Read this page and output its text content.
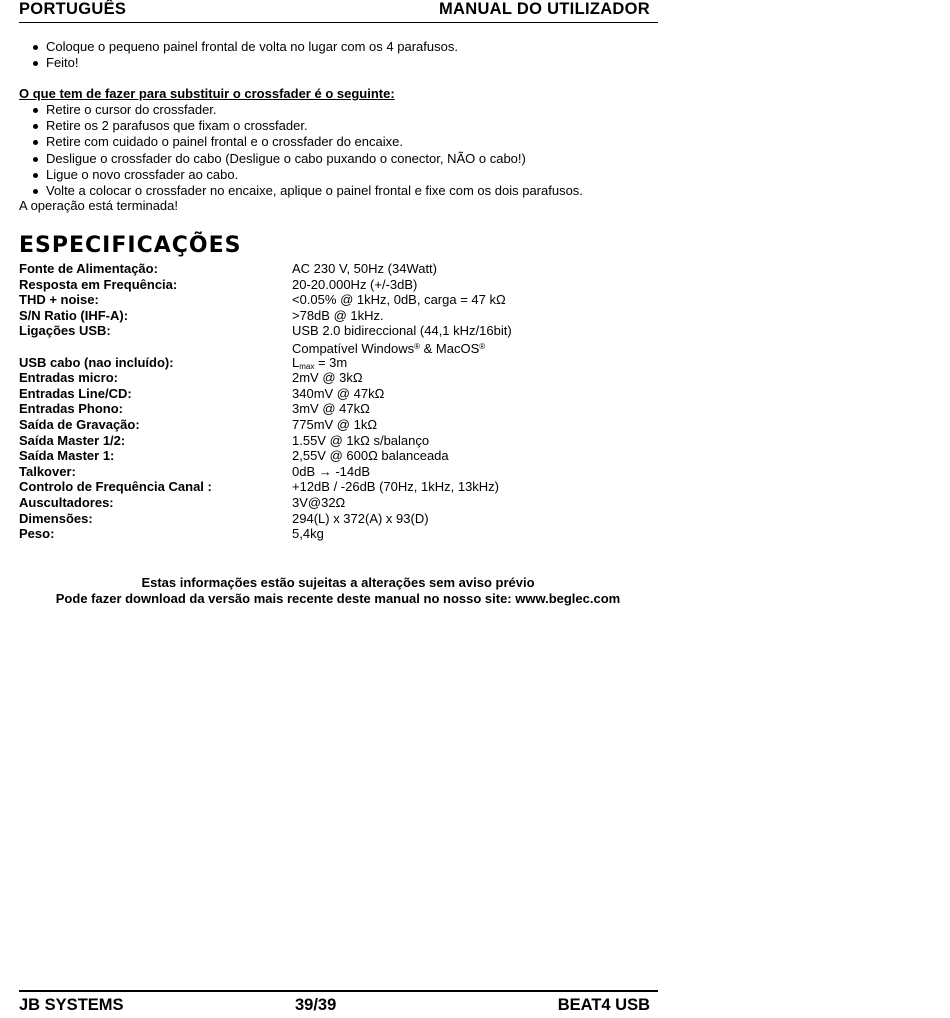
PORTUGUÊS	MANUAL DO UTILIZADOR
Coloque o pequeno painel frontal de volta no lugar com os 4 parafusos.
Feito!
O que tem de fazer para substituir o crossfader é o seguinte:
Retire o cursor do crossfader.
Retire os 2 parafusos que fixam o crossfader.
Retire com cuidado o painel frontal e o crossfader do encaixe.
Desligue o crossfader do cabo (Desligue o cabo puxando o conector, NÃO o cabo!)
Ligue o novo crossfader ao cabo.
Volte a colocar o crossfader no encaixe, aplique o painel frontal e fixe com os dois parafusos.
A operação está terminada!
ESPECIFICAÇÕES
Fonte de Alimentação:	AC 230 V, 50Hz (34Watt)
Resposta em Frequência:	20-20.000Hz (+/-3dB)
THD + noise:	<0.05% @ 1kHz, 0dB, carga = 47 kΩ
S/N Ratio (IHF-A):	>78dB @ 1kHz.
Ligações USB:	USB 2.0 bidireccional (44,1 kHz/16bit)
Compatível Windows® & MacOS®
USB cabo (nao incluído):	$L_{max} = 3m$
Entradas micro:	2mV @ 3kΩ
Entradas Line/CD:	340mV @ 47kΩ
Entradas Phono:	3mV @ 47kΩ
Saída de Gravação:	775mV @ 1kΩ
Saída Master 1/2:	1.55V @ 1kΩ s/balanço
Saída Master 1:	2,55V @ 600Ω balanceada
Talkover:	0dB → -14dB
Controlo de Frequência Canal :	+12dB / -26dB (70Hz, 1kHz, 13kHz)
Auscultadores:	3V@32Ω
Dimensões:	294(L) x 372(A) x 93(D)
Peso:	5,4kg
Estas informações estão sujeitas a alterações sem aviso prévio
Pode fazer download da versão mais recente deste manual no nosso site: www.beglec.com
JB SYSTEMS	39/39	BEAT4 USB
